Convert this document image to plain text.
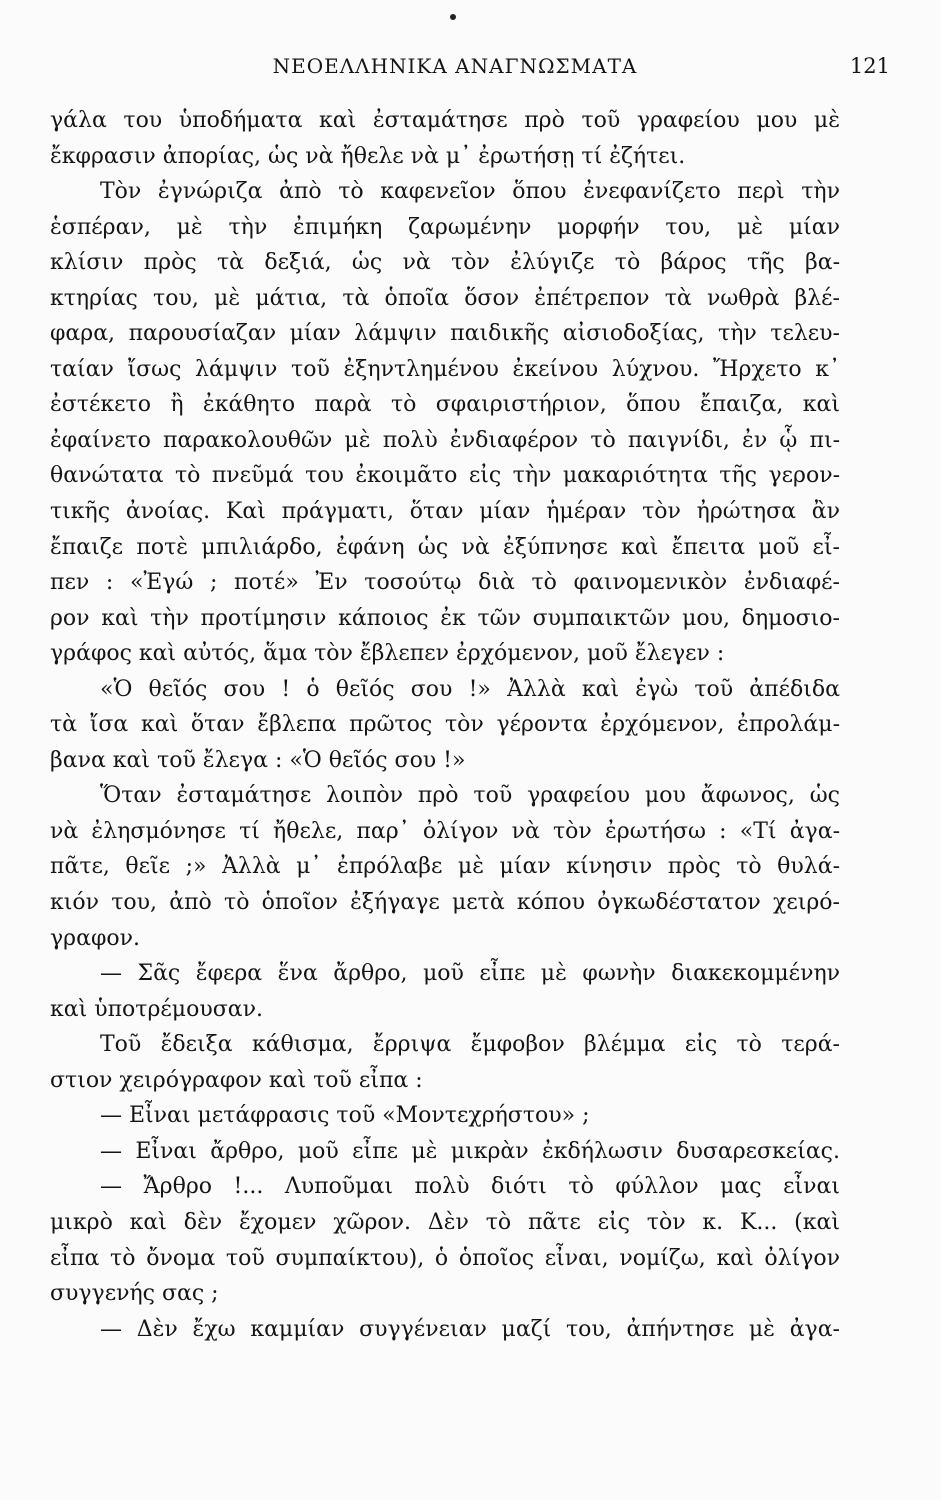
ΝΕΟΕΛΛΗΝΙΚΑ ΑΝΑΓΝΩΣΜΑΤΑ	121
γάλα του ὑποδήματα καὶ ἐσταμάτησε πρὸ τοῦ γραφείου μου μὲ
ἔκφρασιν ἀπορίας, ὡς νὰ ἤθελε νὰ μ᾿ ἐρωτήσῃ τί ἐζήτει.
Τὸν ἐγνώριζα ἀπὸ τὸ καφενεῖον ὅπου ἐνεφανίζετο περὶ τὴν
ἑσπέραν, μὲ τὴν ἐπιμήκη ζαρωμένην μορφήν του, μὲ μίαν
κλίσιν πρὸς τὰ δεξιά, ὡς νὰ τὸν ἐλύγιζε τὸ βάρος τῆς βα-
κτηρίας του, μὲ μάτια, τὰ ὁποῖα ὅσον ἐπέτρεπον τὰ νωθρὰ βλέ-
φαρα, παρουσίαζαν μίαν λάμψιν παιδικῆς αἰσιοδοξίας, τὴν τελευ-
ταίαν ἴσως λάμψιν τοῦ ἐξηντλημένου ἐκείνου λύχνου. Ἤρχετο κ᾿
ἐστέκετο ἢ ἐκάθητο παρὰ τὸ σφαιριστήριον, ὅπου ἔπαιζα, καὶ
ἐφαίνετο παρακολουθῶν μὲ πολὺ ἐνδιαφέρον τὸ παιγνίδι, ἐν ᾧ πι-
θανώτατα τὸ πνεῦμά του ἐκοιμᾶτο εἰς τὴν μακαριότητα τῆς γερον-
τικῆς ἀνοίας. Καὶ πράγματι, ὅταν μίαν ἡμέραν τὸν ἠρώτησα ἂν
ἔπαιζε ποτὲ μπιλιάρδο, ἐφάνη ὡς νὰ ἐξύπνησε καὶ ἔπειτα μοῦ εἶ-
πεν : «Ἐγώ ; ποτέ» Ἐν τοσούτῳ διὰ τὸ φαινομενικὸν ἐνδιαφέ-
ρον καὶ τὴν προτίμησιν κάποιος ἐκ τῶν συμπαικτῶν μου, δημοσιο-
γράφος καὶ αὐτός, ἅμα τὸν ἔβλεπεν ἐρχόμενον, μοῦ ἔλεγεν :
«Ὁ θεῖός σου ! ὁ θεῖός σου !» Ἀλλὰ καὶ ἐγὼ τοῦ ἀπέδιδα
τὰ ἴσα καὶ ὅταν ἔβλεπα πρῶτος τὸν γέροντα ἐρχόμενον, ἐπρολάμ-
βανα καὶ τοῦ ἔλεγα : «Ὁ θεῖός σου !»
Ὅταν ἐσταμάτησε λοιπὸν πρὸ τοῦ γραφείου μου ἄφωνος, ὡς
νὰ ἐλησμόνησε τί ἤθελε, παρ᾿ ὀλίγον νὰ τὸν ἐρωτήσω : «Τί ἀγα-
πᾶτε, θεῖε ;» Ἀλλὰ μ᾿ ἐπρόλαβε μὲ μίαν κίνησιν πρὸς τὸ θυλά-
κιόν του, ἀπὸ τὸ ὁποῖον ἐξήγαγε μετὰ κόπου ὀγκωδέστατον χειρό-
γραφον.
— Σᾶς ἔφερα ἕνα ἄρθρο, μοῦ εἶπε μὲ φωνὴν διακεκομμένην
καὶ ὑποτρέμουσαν.
Τοῦ ἔδειξα κάθισμα, ἔρριψα ἔμφοβον βλέμμα εἰς τὸ τερά-
στιον χειρόγραφον καὶ τοῦ εἶπα :
— Εἶναι μετάφρασις τοῦ «Μοντεχρήστου» ;
— Εἶναι ἄρθρο, μοῦ εἶπε μὲ μικρὰν ἐκδήλωσιν δυσαρεσκείας.
— Ἄρθρο !... Λυποῦμαι πολὺ διότι τὸ φύλλον μας εἶναι
μικρὸ καὶ δὲν ἔχομεν χῶρον. Δὲν τὸ πᾶτε εἰς τὸν κ. Κ... (καὶ
εἶπα τὸ ὄνομα τοῦ συμπαίκτου), ὁ ὁποῖος εἶναι, νομίζω, καὶ ὀλίγον
συγγενής σας ;
— Δὲν ἔχω καμμίαν συγγένειαν μαζί του, ἀπήντησε μὲ ἀγα-
